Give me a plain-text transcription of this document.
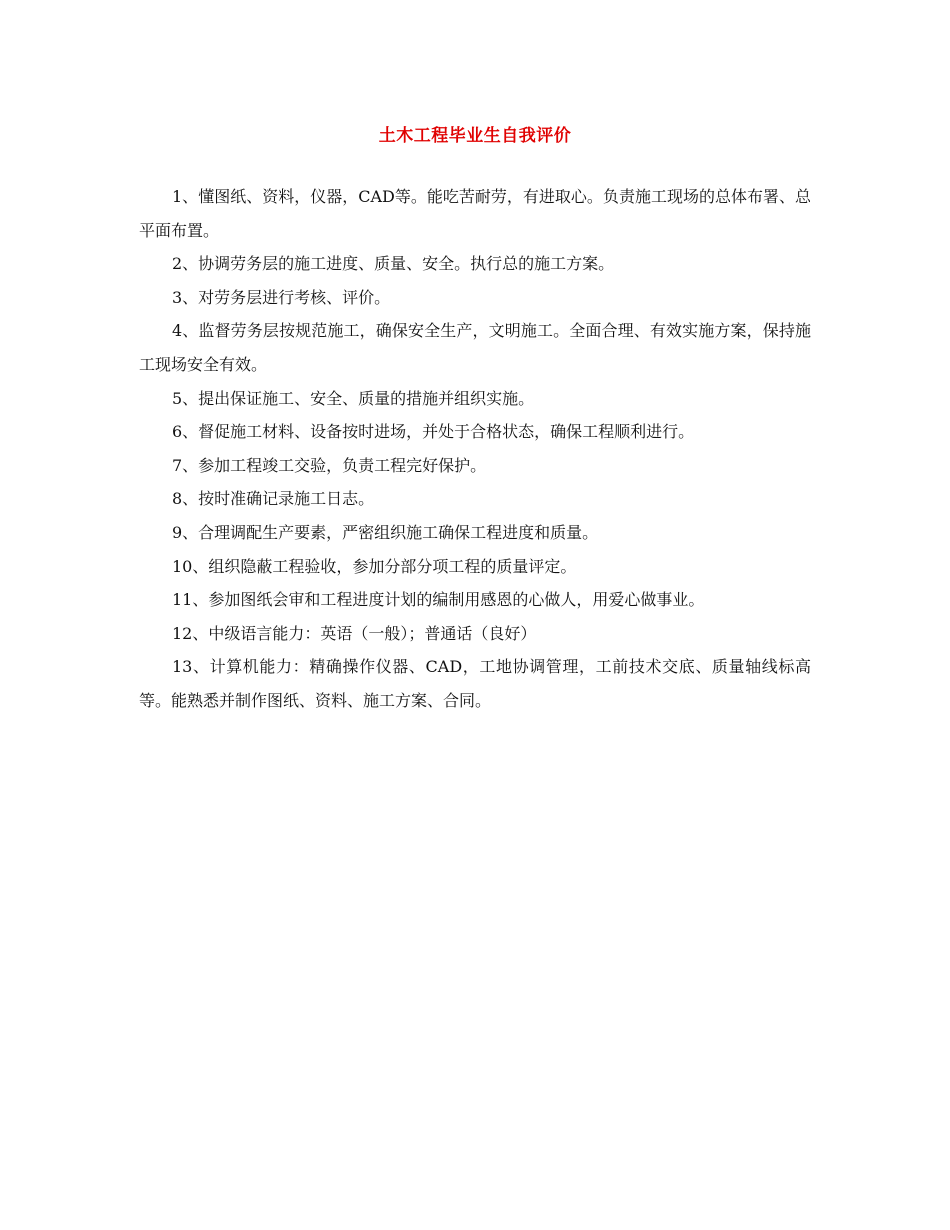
土木工程毕业生自我评价

1、懂图纸、资料，仪器，CAD等。能吃苦耐劳，有进取心。负责施工现场的总体布署、总平面布置。

2、协调劳务层的施工进度、质量、安全。执行总的施工方案。

3、对劳务层进行考核、评价。

4、监督劳务层按规范施工，确保安全生产，文明施工。全面合理、有效实施方案，保持施工现场安全有效。

5、提出保证施工、安全、质量的措施并组织实施。

6、督促施工材料、设备按时进场，并处于合格状态，确保工程顺利进行。

7、参加工程竣工交验，负责工程完好保护。

8、按时准确记录施工日志。

9、合理调配生产要素，严密组织施工确保工程进度和质量。

10、组织隐蔽工程验收，参加分部分项工程的质量评定。

11、参加图纸会审和工程进度计划的编制用感恩的心做人，用爱心做事业。

12、中级语言能力：英语（一般）；普通话（良好）

13、计算机能力：精确操作仪器、CAD，工地协调管理，工前技术交底、质量轴线标高等。能熟悉并制作图纸、资料、施工方案、合同。
